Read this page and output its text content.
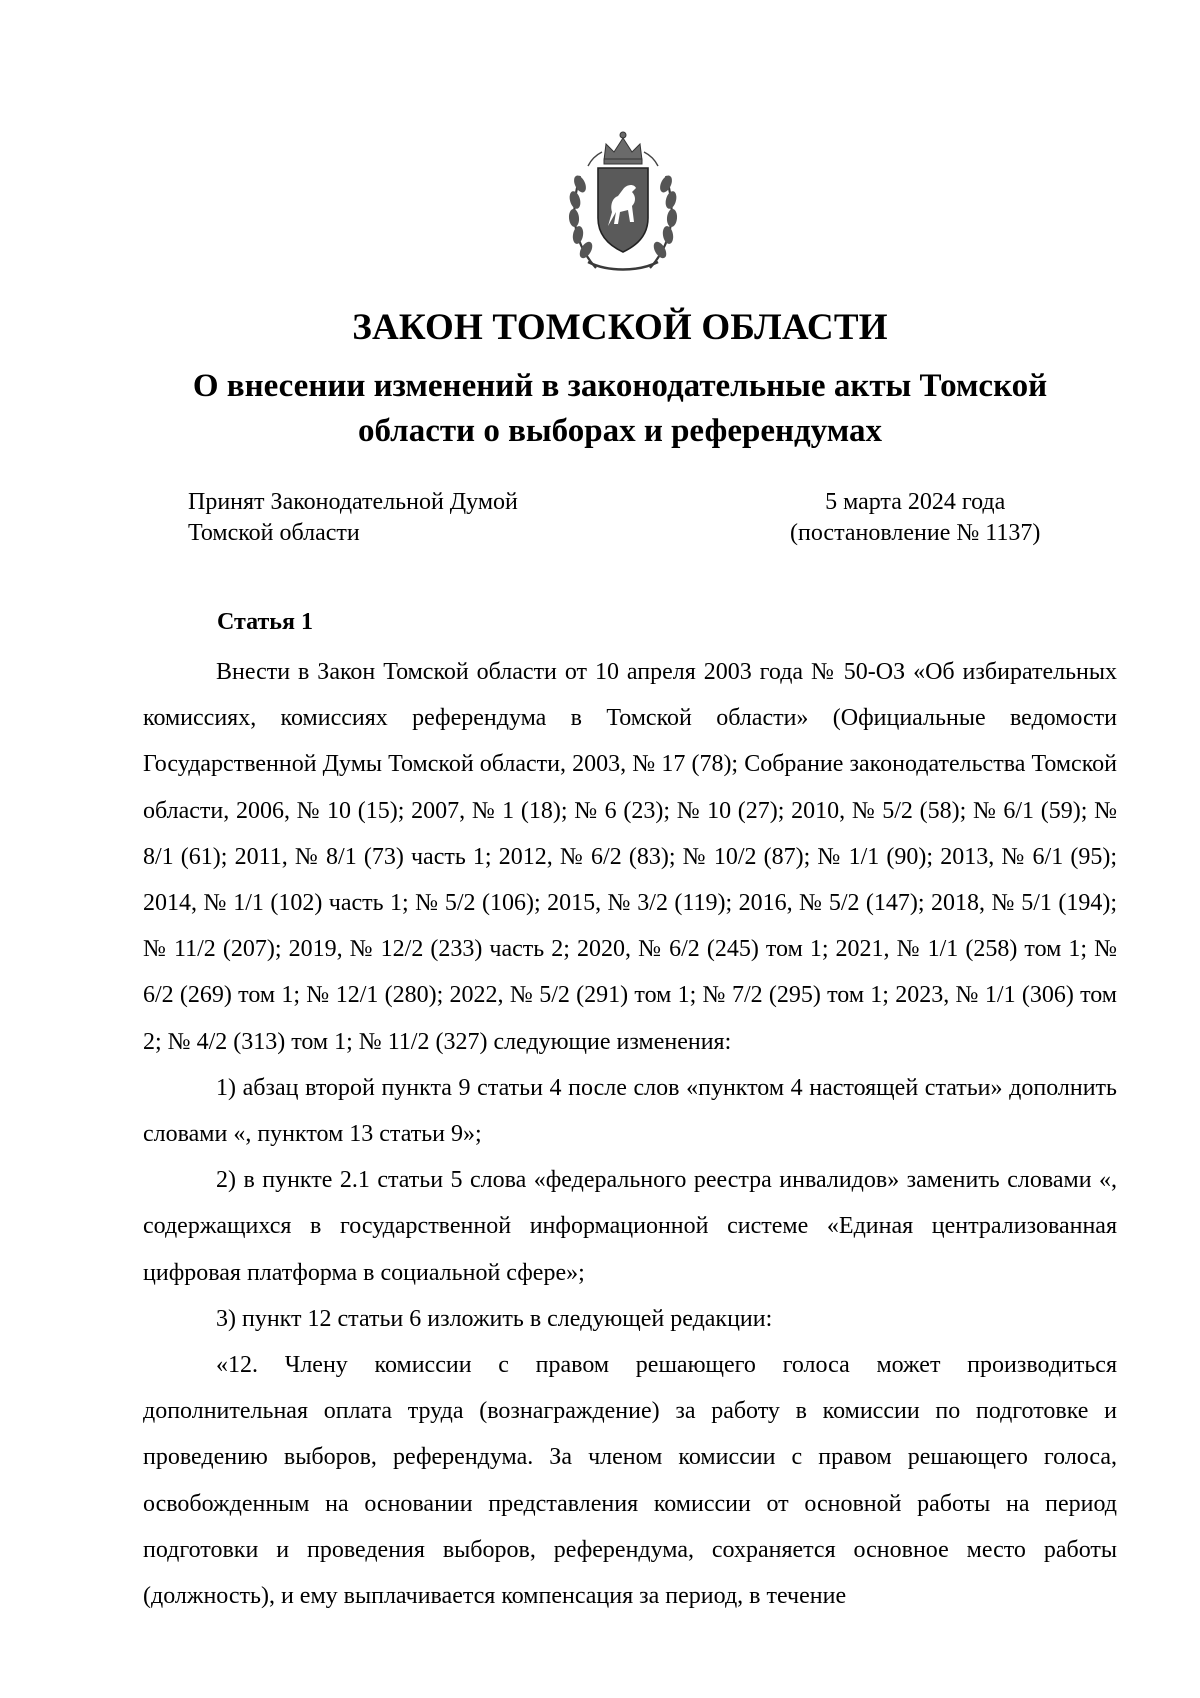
ЗАКОН ТОМСКОЙ ОБЛАСТИ
О внесении изменений в законодательные акты Томской
области о выборах и референдумах
Принят Законодательной Думой
Томской области
5 марта 2024 года
(постановление № 1137)
Статья 1

Внести в Закон Томской области от 10 апреля 2003 года № 50-ОЗ «Об избирательных комиссиях, комиссиях референдума в Томской области» (Официальные ведомости Государственной Думы Томской области, 2003, № 17 (78); Собрание законодательства Томской области, 2006, № 10 (15); 2007, № 1 (18); № 6 (23); № 10 (27); 2010, № 5/2 (58); № 6/1 (59); № 8/1 (61); 2011, № 8/1 (73) часть 1; 2012, № 6/2 (83); № 10/2 (87); № 1/1 (90); 2013, № 6/1 (95); 2014, № 1/1 (102) часть 1; № 5/2 (106); 2015, № 3/2 (119); 2016, № 5/2 (147); 2018, № 5/1 (194); № 11/2 (207); 2019, № 12/2 (233) часть 2; 2020, № 6/2 (245) том 1; 2021, № 1/1 (258) том 1; № 6/2 (269) том 1; № 12/1 (280); 2022, № 5/2 (291) том 1; № 7/2 (295) том 1; 2023, № 1/1 (306) том 2; № 4/2 (313) том 1; № 11/2 (327) следующие изменения:

1) абзац второй пункта 9 статьи 4 после слов «пунктом 4 настоящей статьи» дополнить словами «, пунктом 13 статьи 9»;

2) в пункте 2.1 статьи 5 слова «федерального реестра инвалидов» заменить словами «, содержащихся в государственной информационной системе «Единая централизованная цифровая платформа в социальной сфере»;

3) пункт 12 статьи 6 изложить в следующей редакции:

«12. Члену комиссии с правом решающего голоса может производиться дополнительная оплата труда (вознаграждение) за работу в комиссии по подготовке и проведению выборов, референдума. За членом комиссии с правом решающего голоса, освобожденным на основании представления комиссии от основной работы на период подготовки и проведения выборов, референдума, сохраняется основное место работы (должность), и ему выплачивается компенсация за период, в течение
